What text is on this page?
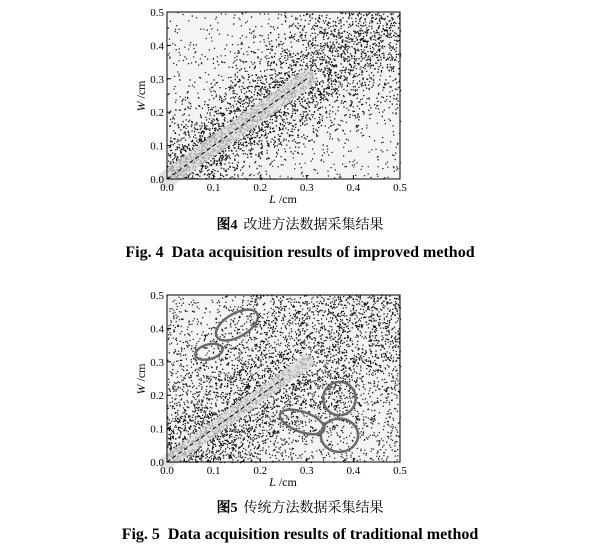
0.0	0.1	0.2	0.3	0.4	0.5
0.0
0.1
0.2
0.3
0.4
0.5
L /cm
W/cm
0.0	0.1	0.2	0.3	0.4	0.5
0.0
0.1
0.2
0.3
0.4
0.5
L /cm
W/cm
图4 改进方法数据采集结果
Fig. 4 Data acquisition results of improved method
图5 传统方法数据采集结果
Fig. 5 Data acquisition results of traditional method
